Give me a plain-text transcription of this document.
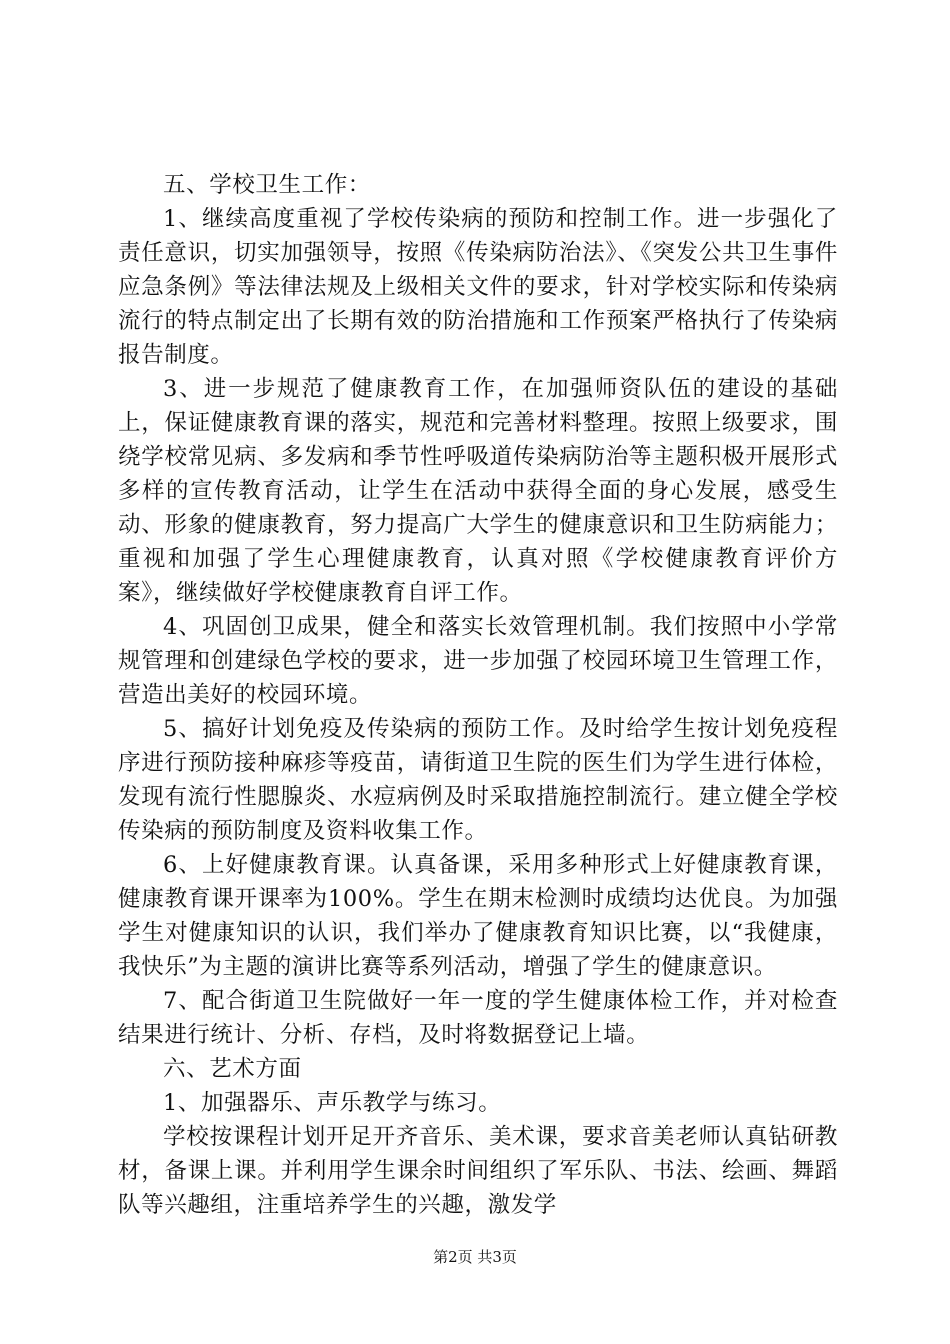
五、学校卫生工作：

1、继续高度重视了学校传染病的预防和控制工作。进一步强化了责任意识，切实加强领导，按照《传染病防治法》、《突发公共卫生事件应急条例》等法律法规及上级相关文件的要求，针对学校实际和传染病流行的特点制定出了长期有效的防治措施和工作预案严格执行了传染病报告制度。

3、进一步规范了健康教育工作，在加强师资队伍的建设的基础上，保证健康教育课的落实，规范和完善材料整理。按照上级要求，围绕学校常见病、多发病和季节性呼吸道传染病防治等主题积极开展形式多样的宣传教育活动，让学生在活动中获得全面的身心发展，感受生动、形象的健康教育，努力提高广大学生的健康意识和卫生防病能力；重视和加强了学生心理健康教育，认真对照《学校健康教育评价方案》，继续做好学校健康教育自评工作。

4、巩固创卫成果，健全和落实长效管理机制。我们按照中小学常规管理和创建绿色学校的要求，进一步加强了校园环境卫生管理工作，营造出美好的校园环境。

5、搞好计划免疫及传染病的预防工作。及时给学生按计划免疫程序进行预防接种麻疹等疫苗，请街道卫生院的医生们为学生进行体检，发现有流行性腮腺炎、水痘病例及时采取措施控制流行。建立健全学校传染病的预防制度及资料收集工作。

6、上好健康教育课。认真备课，采用多种形式上好健康教育课，健康教育课开课率为100%。学生在期末检测时成绩均达优良。为加强学生对健康知识的认识，我们举办了健康教育知识比赛，以“我健康，我快乐”为主题的演讲比赛等系列活动，增强了学生的健康意识。

7、配合街道卫生院做好一年一度的学生健康体检工作，并对检查结果进行统计、分析、存档，及时将数据登记上墙。

六、艺术方面

1、加强器乐、声乐教学与练习。

学校按课程计划开足开齐音乐、美术课，要求音美老师认真钻研教材，备课上课。并利用学生课余时间组织了军乐队、书法、绘画、舞蹈队等兴趣组，注重培养学生的兴趣，激发学

第2页 共3页
